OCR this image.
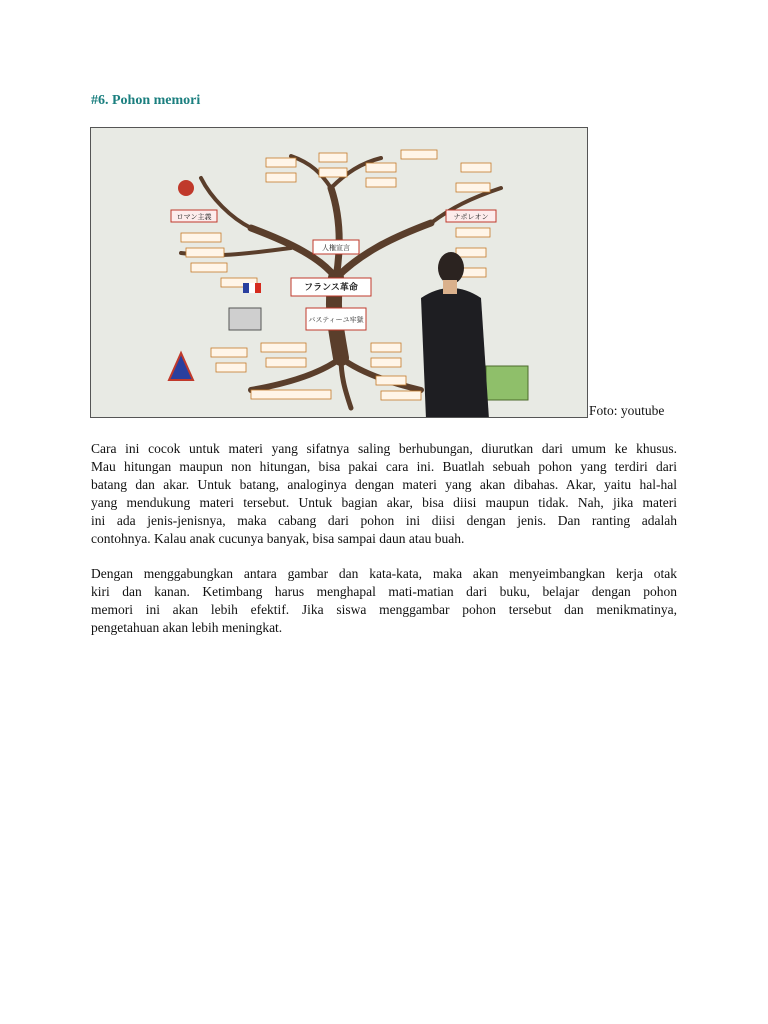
#6. Pohon memori
フランス革命
人権宣言
バスティーユ牢獄
ロマン主義	ナポレオン
Foto: youtube
Cara ini cocok untuk materi yang sifatnya saling berhubungan, diurutkan dari umum ke khusus.
Mau hitungan maupun non hitungan, bisa pakai cara ini. Buatlah sebuah pohon yang terdiri dari
batang dan akar. Untuk batang, analoginya dengan materi yang akan dibahas. Akar, yaitu hal-hal
yang mendukung materi tersebut. Untuk bagian akar, bisa diisi maupun tidak. Nah, jika materi
ini ada jenis-jenisnya, maka cabang dari pohon ini diisi dengan jenis. Dan ranting adalah
contohnya. Kalau anak cucunya banyak, bisa sampai daun atau buah.
Dengan menggabungkan antara gambar dan kata-kata, maka akan menyeimbangkan kerja otak
kiri dan kanan. Ketimbang harus menghapal mati-matian dari buku, belajar dengan pohon
memori ini akan lebih efektif. Jika siswa menggambar pohon tersebut dan menikmatinya,
pengetahuan akan lebih meningkat.
